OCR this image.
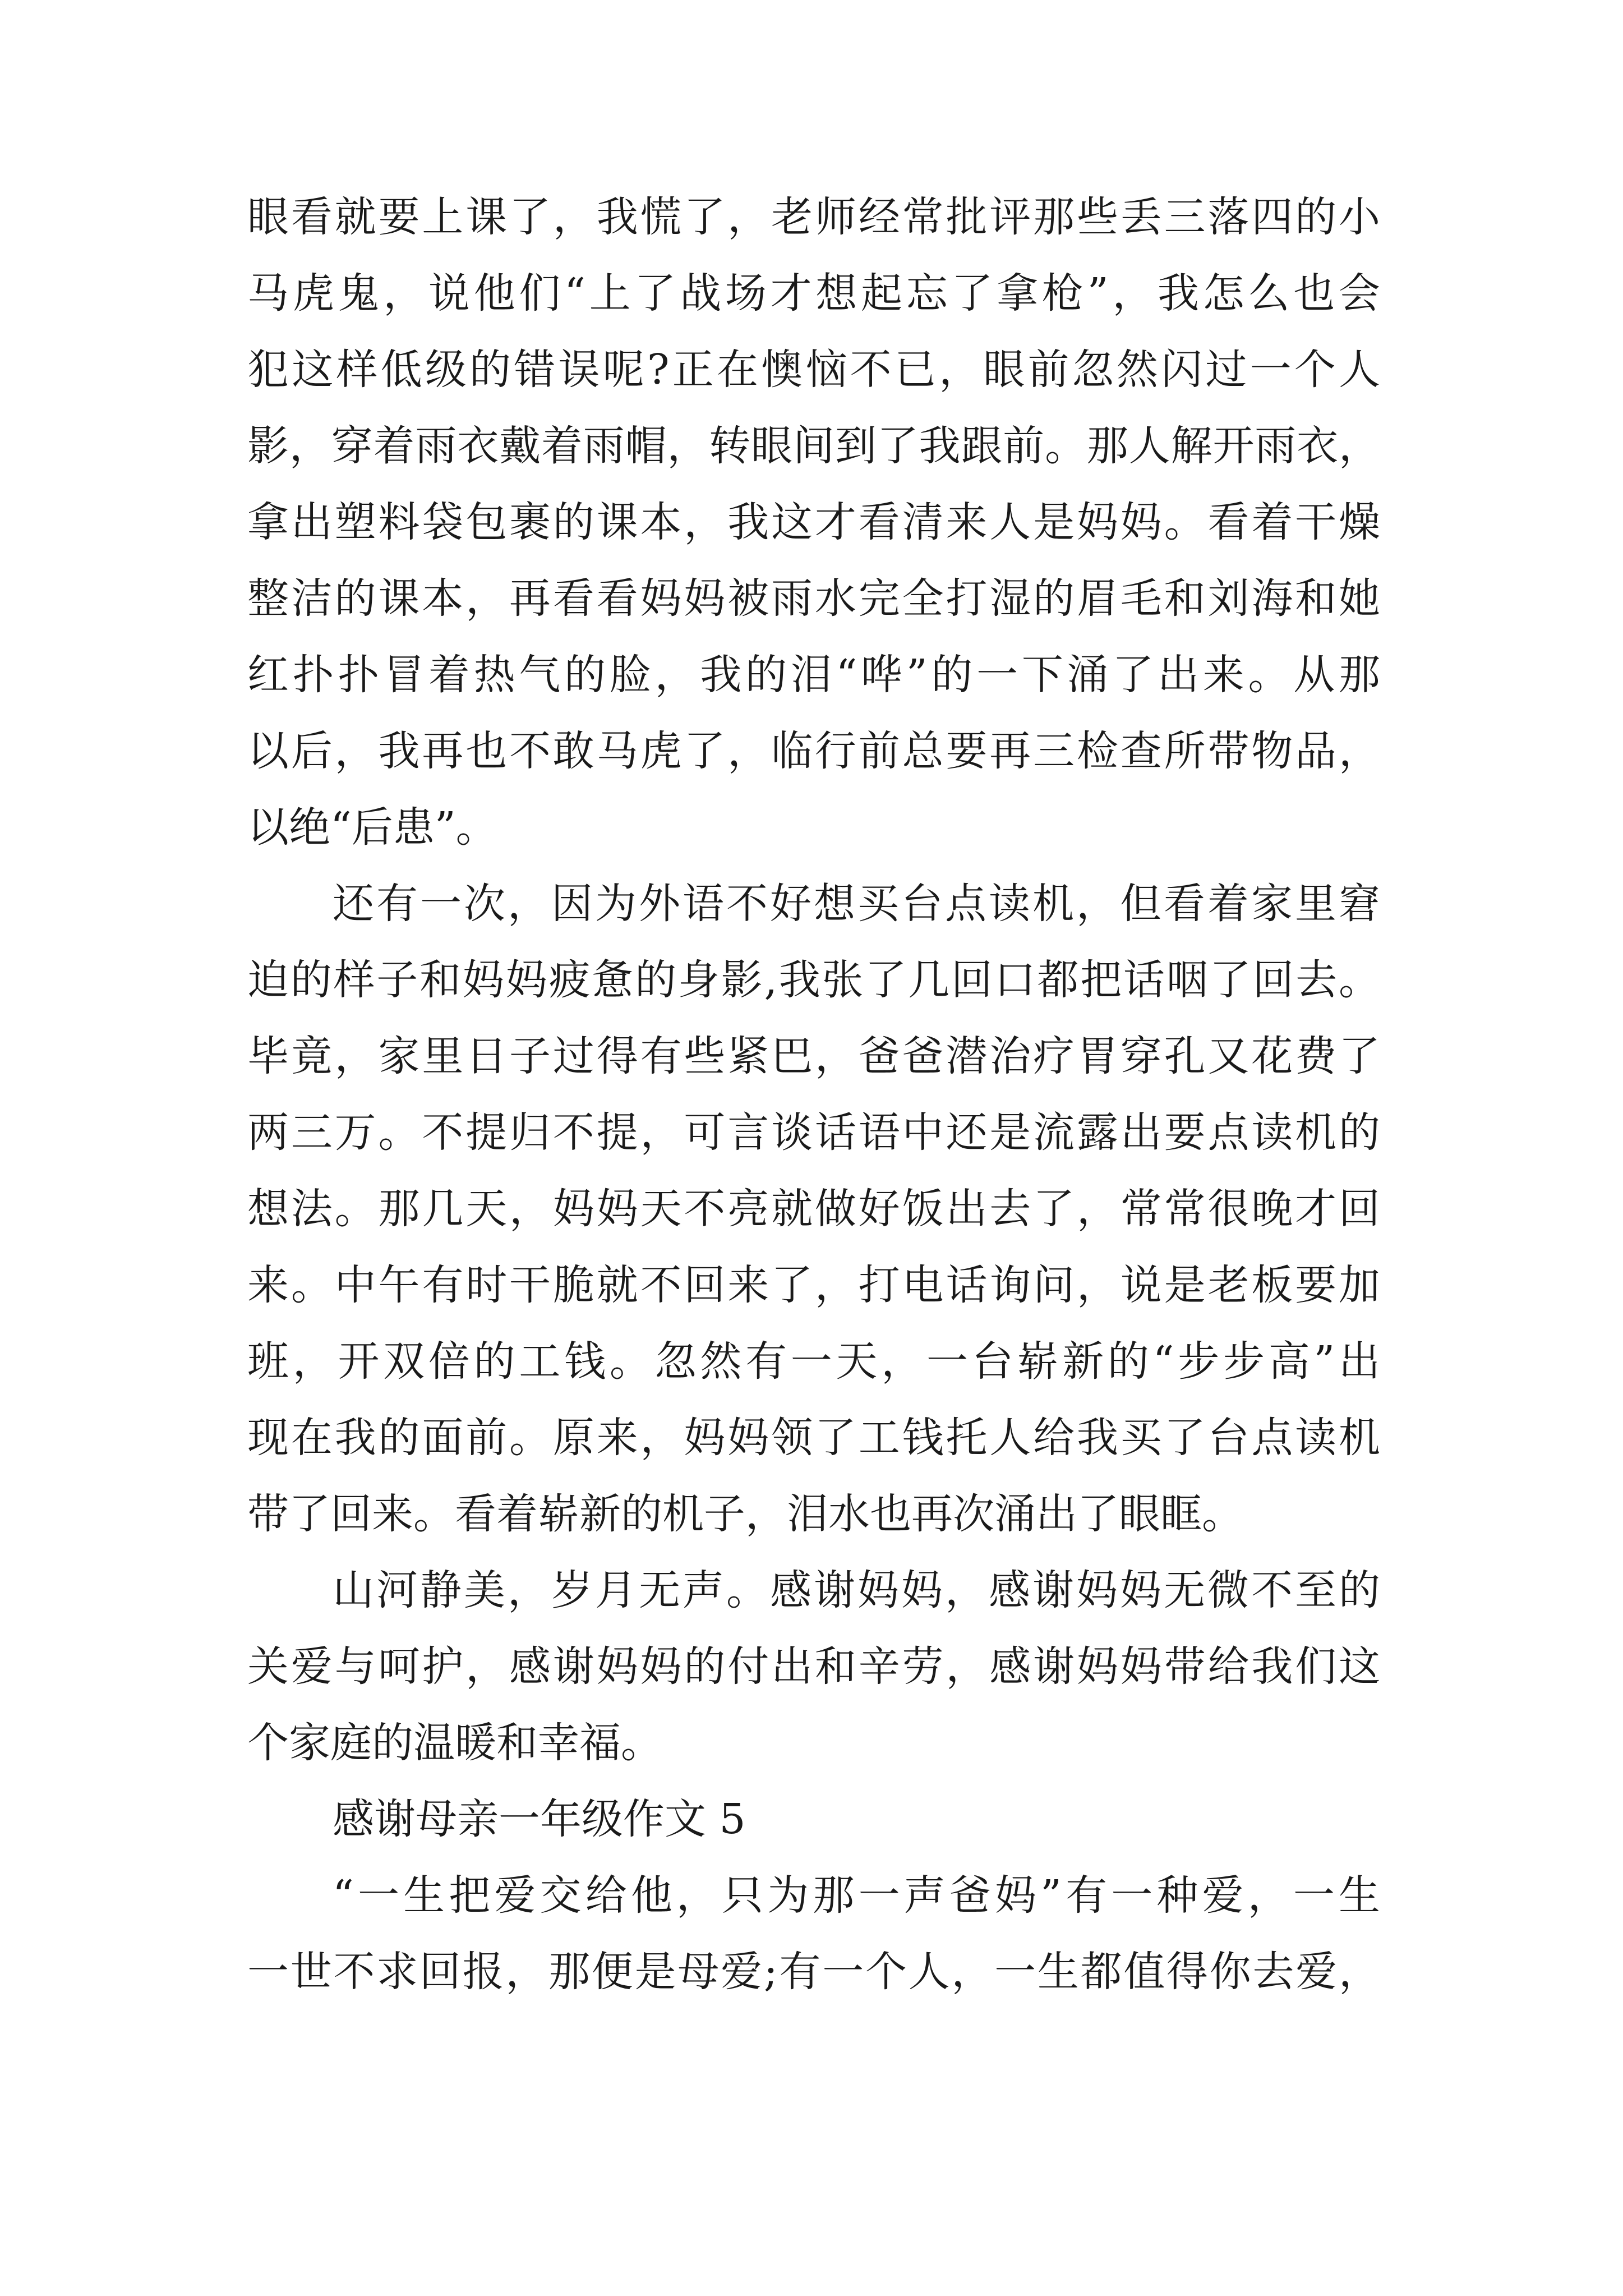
眼看就要上课了，我慌了，老师经常批评那些丢三落四的小
马虎鬼，说他们“上了战场才想起忘了拿枪”，我怎么也会
犯这样低级的错误呢?正在懊恼不已，眼前忽然闪过一个人
影，穿着雨衣戴着雨帽，转眼间到了我跟前。那人解开雨衣，
拿出塑料袋包裹的课本，我这才看清来人是妈妈。看着干燥
整洁的课本，再看看妈妈被雨水完全打湿的眉毛和刘海和她
红扑扑冒着热气的脸，我的泪“哗”的一下涌了出来。从那
以后，我再也不敢马虎了，临行前总要再三检查所带物品，
以绝“后患”。
还有一次，因为外语不好想买台点读机，但看着家里窘
迫的样子和妈妈疲惫的身影,我张了几回口都把话咽了回去。
毕竟，家里日子过得有些紧巴，爸爸潜治疗胃穿孔又花费了
两三万。不提归不提，可言谈话语中还是流露出要点读机的
想法。那几天，妈妈天不亮就做好饭出去了，常常很晚才回
来。中午有时干脆就不回来了，打电话询问，说是老板要加
班，开双倍的工钱。忽然有一天，一台崭新的“步步高”出
现在我的面前。原来，妈妈领了工钱托人给我买了台点读机
带了回来。看着崭新的机子，泪水也再次涌出了眼眶。
山河静美，岁月无声。感谢妈妈，感谢妈妈无微不至的
关爱与呵护，感谢妈妈的付出和辛劳，感谢妈妈带给我们这
个家庭的温暖和幸福。
感谢母亲一年级作文 5
“一生把爱交给他，只为那一声爸妈”有一种爱，一生
一世不求回报，那便是母爱;有一个人，一生都值得你去爱，
